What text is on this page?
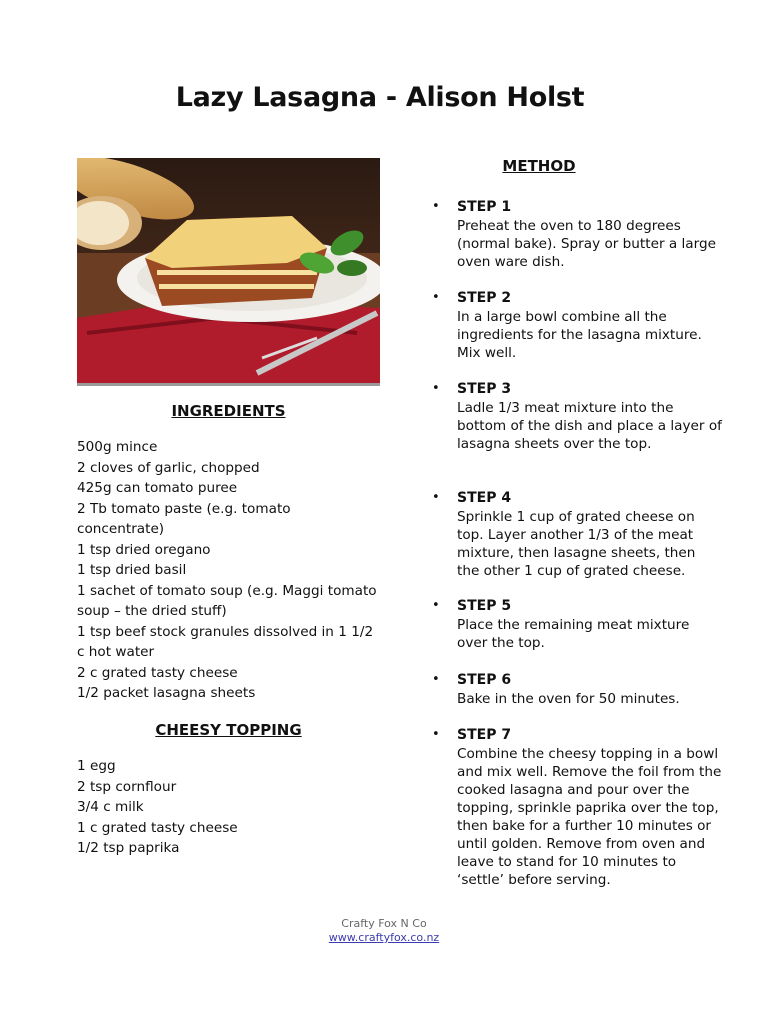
Lazy Lasagna - Alison Holst
INGREDIENTS
500g mince
2 cloves of garlic, chopped
425g can tomato puree
2 Tb tomato paste (e.g. tomato concentrate)
1 tsp dried oregano
1 tsp dried basil
1 sachet of tomato soup (e.g. Maggi tomato soup – the dried stuff)
1 tsp beef stock granules dissolved in 1 1/2 c hot water
2 c grated tasty cheese
1/2 packet lasagna sheets
CHEESY TOPPING
1 egg
2 tsp cornflour
3/4 c milk
1 c grated tasty cheese
1/2 tsp paprika
METHOD
• STEP 1
Preheat the oven to 180 degrees (normal bake). Spray or butter a large oven ware dish.
• STEP 2
In a large bowl combine all the ingredients for the lasagna mixture. Mix well.
• STEP 3
Ladle 1/3 meat mixture into the bottom of the dish and place a layer of lasagna sheets over the top.
• STEP 4
Sprinkle 1 cup of grated cheese on top. Layer another 1/3 of the meat mixture, then lasagne sheets, then the other 1 cup of grated cheese.
• STEP 5
Place the remaining meat mixture over the top.
• STEP 6
Bake in the oven for 50 minutes.
• STEP 7
Combine the cheesy topping in a bowl and mix well. Remove the foil from the cooked lasagna and pour over the topping, sprinkle paprika over the top, then bake for a further 10 minutes or until golden. Remove from oven and leave to stand for 10 minutes to ‘settle’ before serving.
Crafty Fox N Co
www.craftyfox.co.nz
